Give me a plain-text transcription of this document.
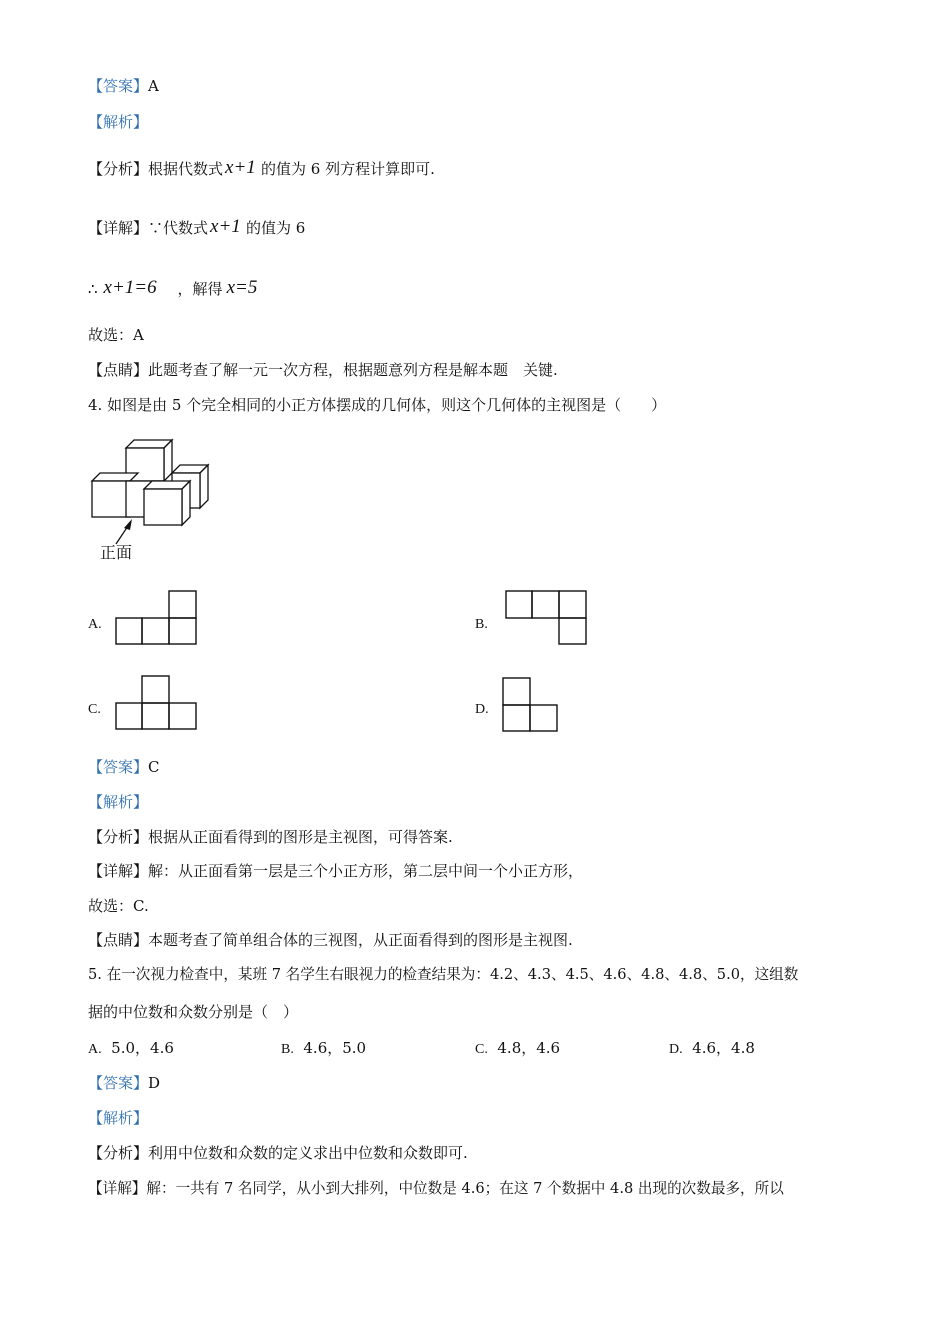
【答案】A
【解析】
【分析】根据代数式 x+1 的值为 6 列方程计算即可.
【详解】∵代数式 x+1 的值为 6
∴ x+1=6 ，解得 x=5
故选：A
【点睛】此题考查了解一元一次方程，根据题意列方程是解本题　关键.
4. 如图是由 5 个完全相同的小正方体摆成的几何体，则这个几何体的主视图是（　　）
正面
A.	B.
C.	D.
【答案】C
【解析】
【分析】根据从正面看得到的图形是主视图，可得答案.
【详解】解：从正面看第一层是三个小正方形，第二层中间一个小正方形，
故选：C.
【点睛】本题考查了简单组合体的三视图，从正面看得到的图形是主视图.
5. 在一次视力检查中，某班 7 名学生右眼视力的检查结果为：4.2、4.3、4.5、4.6、4.8、4.8、5.0，这组数
据的中位数和众数分别是（　）
A. 5.0，4.6	B. 4.6，5.0	C. 4.8，4.6	D. 4.6，4.8
【答案】D
【解析】
【分析】利用中位数和众数的定义求出中位数和众数即可.
【详解】解：一共有 7 名同学，从小到大排列，中位数是 4.6；在这 7 个数据中 4.8 出现的次数最多，所以
